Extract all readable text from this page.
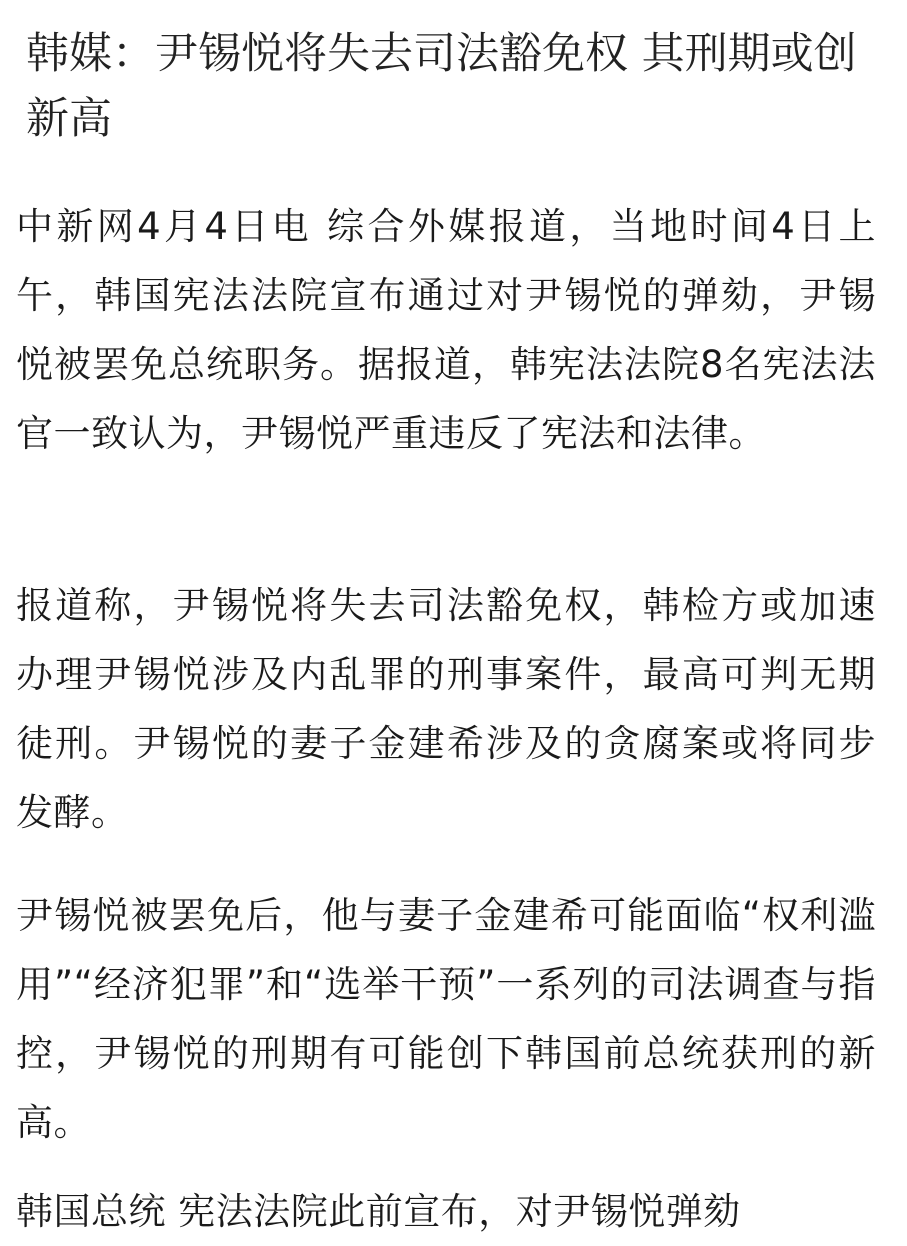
韩媒：尹锡悦将失去司法豁免权 其刑期或创新高

中新网4月4日电 综合外媒报道，当地时间4日上午，韩国宪法法院宣布通过对尹锡悦的弹劾，尹锡悦被罢免总统职务。据报道，韩宪法法院8名宪法法官一致认为，尹锡悦严重违反了宪法和法律。

报道称，尹锡悦将失去司法豁免权，韩检方或加速办理尹锡悦涉及内乱罪的刑事案件，最高可判无期徒刑。尹锡悦的妻子金建希涉及的贪腐案或将同步发酵。

尹锡悦被罢免后，他与妻子金建希可能面临“权利滥用”“经济犯罪”和“选举干预”一系列的司法调查与指控，尹锡悦的刑期有可能创下韩国前总统获刑的新高。

韩国总统 宪法法院此前宣布，对尹锡悦弹劾
